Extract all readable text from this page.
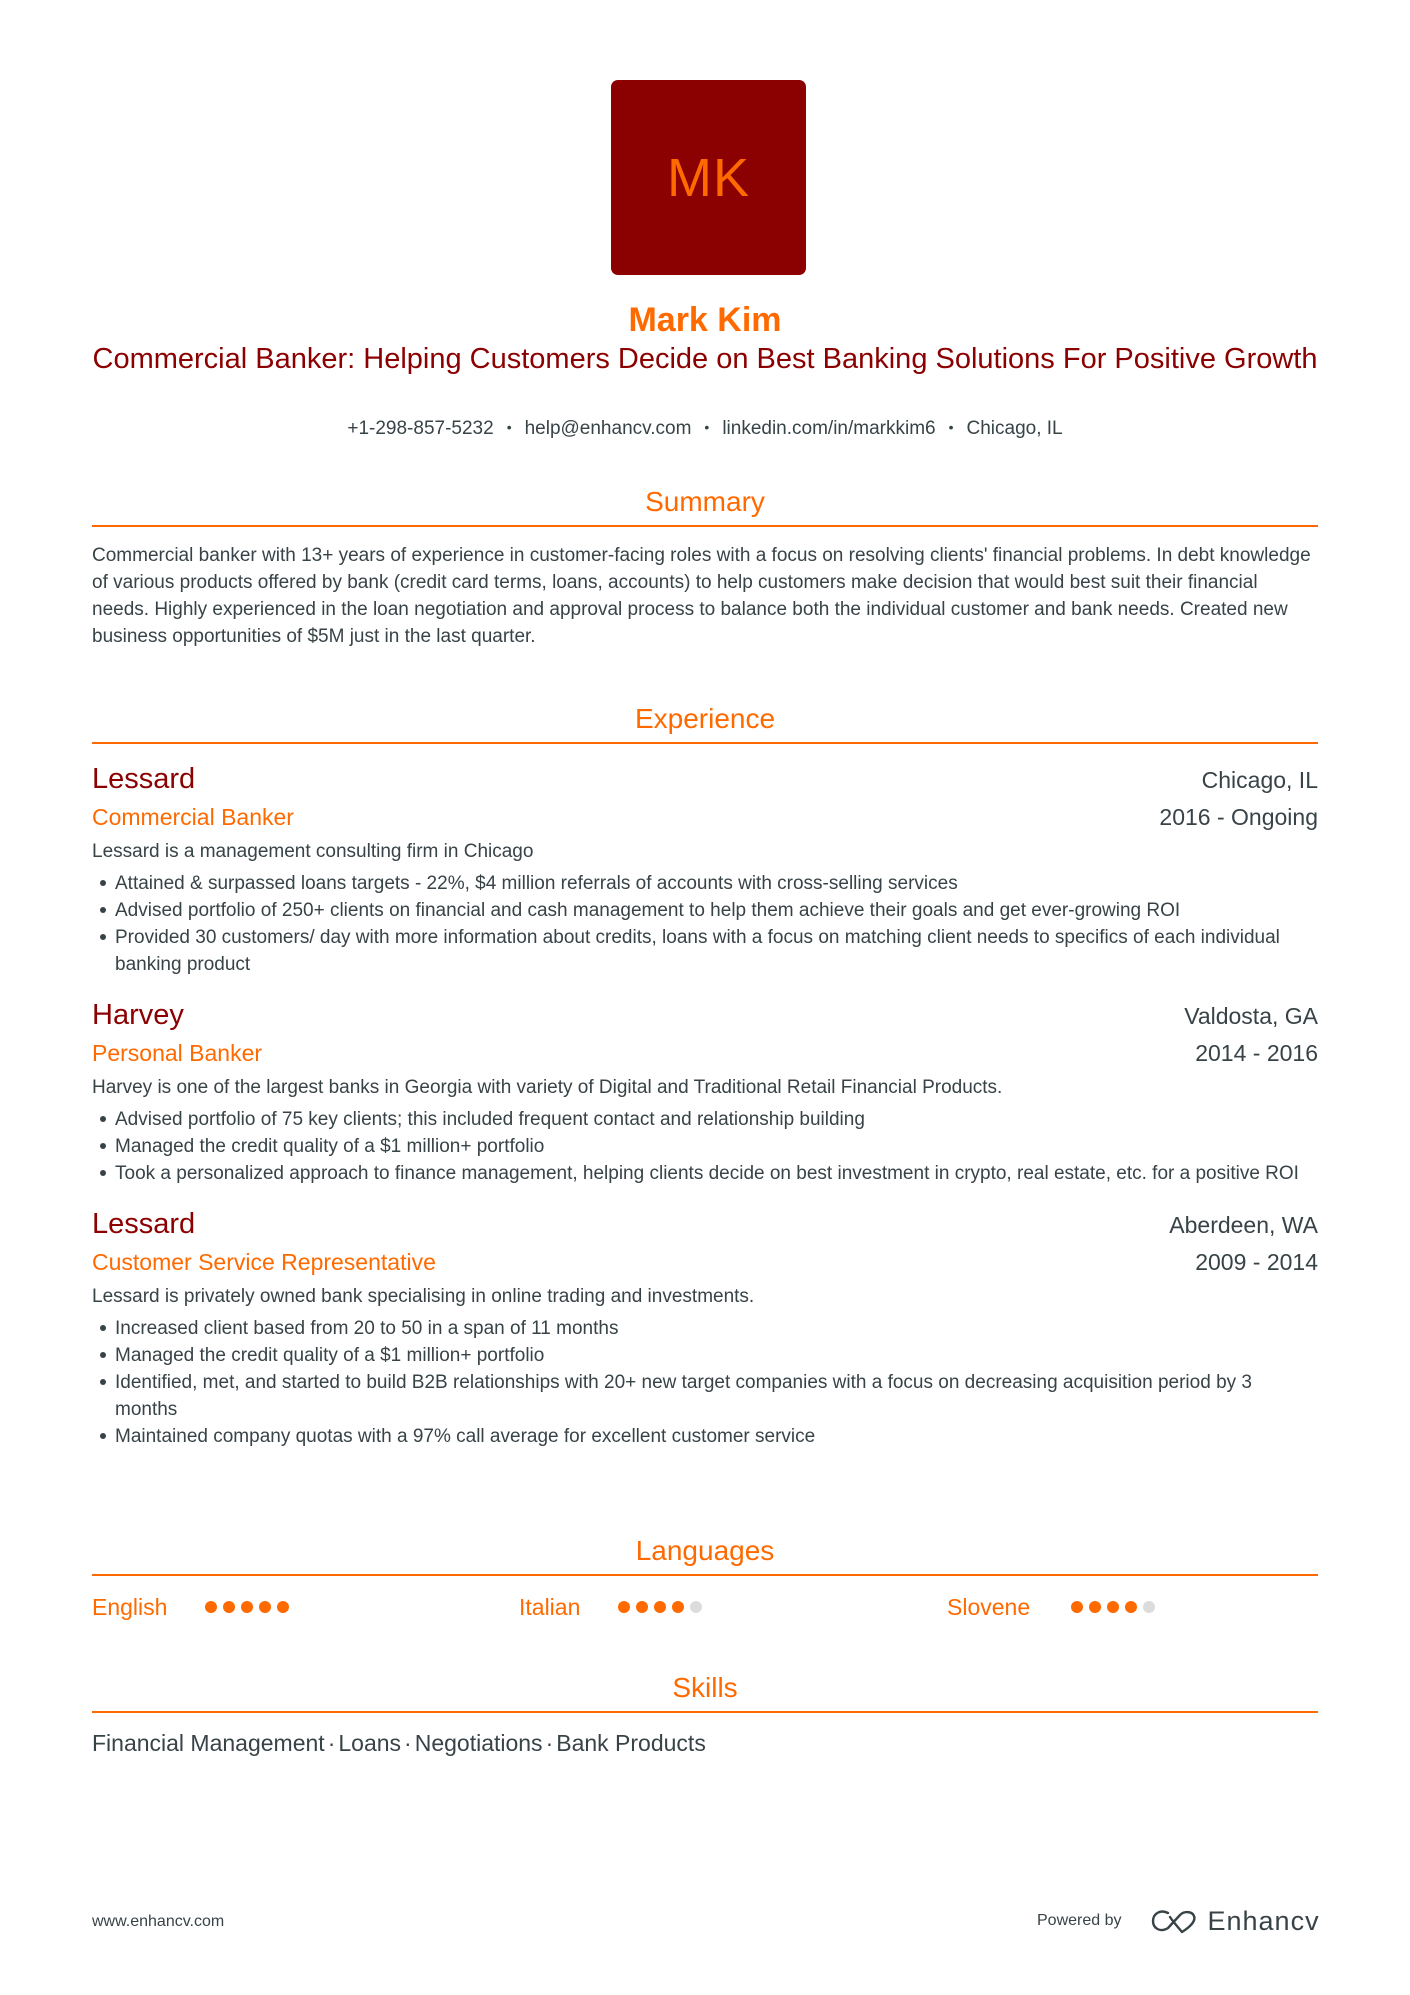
MK
Mark Kim
Commercial Banker: Helping Customers Decide on Best Banking Solutions For Positive Growth
+1-298-857-5232 • help@enhancv.com • linkedin.com/in/markkim6 • Chicago, IL
Summary
Commercial banker with 13+ years of experience in customer-facing roles with a focus on resolving clients' financial problems. In debt knowledge of various products offered by bank (credit card terms, loans, accounts) to help customers make decision that would best suit their financial needs. Highly experienced in the loan negotiation and approval process to balance both the individual customer and bank needs. Created new business opportunities of $5M just in the last quarter.
Experience
Lessard	Chicago, IL
Commercial Banker	2016 - Ongoing
Lessard is a management consulting firm in Chicago
Attained & surpassed loans targets - 22%, $4 million referrals of accounts with cross-selling services
Advised portfolio of 250+ clients on financial and cash management to help them achieve their goals and get ever-growing ROI
Provided 30 customers/ day with more information about credits, loans with a focus on matching client needs to specifics of each individual banking product
Harvey	Valdosta, GA
Personal Banker	2014 - 2016
Harvey is one of the largest banks in Georgia with variety of Digital and Traditional Retail Financial Products.
Advised portfolio of 75 key clients; this included frequent contact and relationship building
Managed the credit quality of a $1 million+ portfolio
Took a personalized approach to finance management, helping clients decide on best investment in crypto, real estate, etc. for a positive ROI
Lessard	Aberdeen, WA
Customer Service Representative	2009 - 2014
Lessard is privately owned bank specialising in online trading and investments.
Increased client based from 20 to 50 in a span of 11 months
Managed the credit quality of a $1 million+ portfolio
Identified, met, and started to build B2B relationships with 20+ new target companies with a focus on decreasing acquisition period by 3 months
Maintained company quotas with a 97% call average for excellent customer service
Languages
English	Italian	Slovene
Skills
Financial Management · Loans · Negotiations · Bank Products
www.enhancv.com	Powered by	Enhancv
